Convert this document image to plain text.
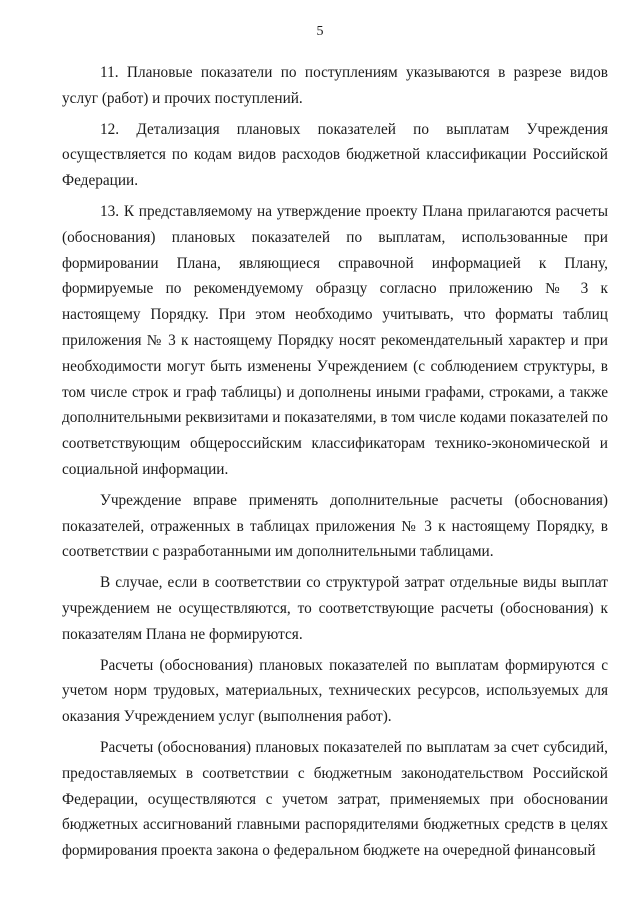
5

11. Плановые показатели по поступлениям указываются в разрезе видов услуг (работ) и прочих поступлений.

12. Детализация плановых показателей по выплатам Учреждения осуществляется по кодам видов расходов бюджетной классификации Российской Федерации.

13. К представляемому на утверждение проекту Плана прилагаются расчеты (обоснования) плановых показателей по выплатам, использованные при формировании Плана, являющиеся справочной информацией к Плану, формируемые по рекомендуемому образцу согласно приложению № 3 к настоящему Порядку. При этом необходимо учитывать, что форматы таблиц приложения № 3 к настоящему Порядку носят рекомендательный характер и при необходимости могут быть изменены Учреждением (с соблюдением структуры, в том числе строк и граф таблицы) и дополнены иными графами, строками, а также дополнительными реквизитами и показателями, в том числе кодами показателей по соответствующим общероссийским классификаторам технико-экономической и социальной информации.

Учреждение вправе применять дополнительные расчеты (обоснования) показателей, отраженных в таблицах приложения № 3 к настоящему Порядку, в соответствии с разработанными им дополнительными таблицами.

В случае, если в соответствии со структурой затрат отдельные виды выплат учреждением не осуществляются, то соответствующие расчеты (обоснования) к показателям Плана не формируются.

Расчеты (обоснования) плановых показателей по выплатам формируются с учетом норм трудовых, материальных, технических ресурсов, используемых для оказания Учреждением услуг (выполнения работ).

Расчеты (обоснования) плановых показателей по выплатам за счет субсидий, предоставляемых в соответствии с бюджетным законодательством Российской Федерации, осуществляются с учетом затрат, применяемых при обосновании бюджетных ассигнований главными распорядителями бюджетных средств в целях формирования проекта закона о федеральном бюджете на очередной финансовый
